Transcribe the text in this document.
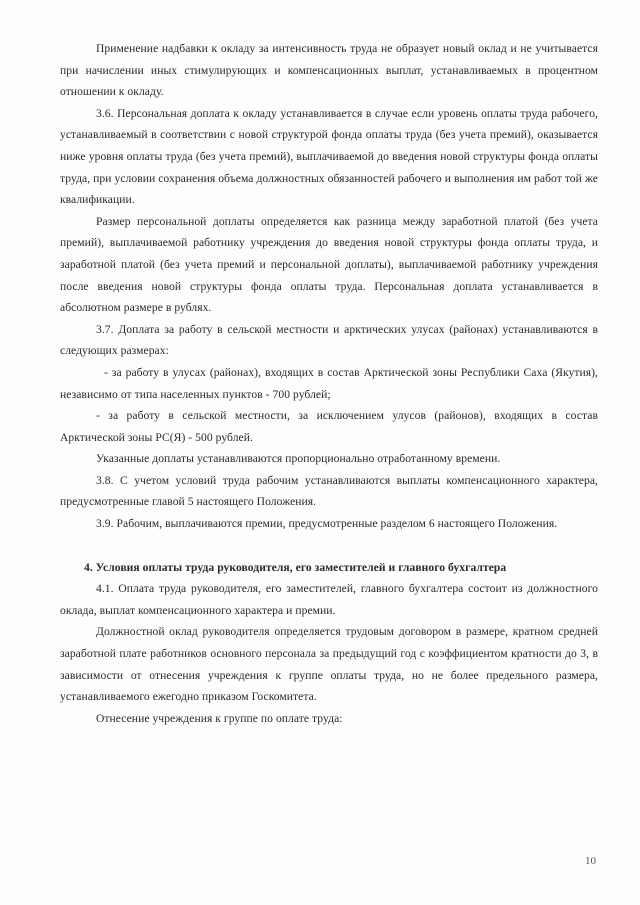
Применение надбавки к окладу за интенсивность труда не образует новый оклад и не учитывается при начислении иных стимулирующих и компенсационных выплат, устанавливаемых в процентном отношении к окладу.

3.6. Персональная доплата к окладу устанавливается в случае если уровень оплаты труда рабочего, устанавливаемый в соответствии с новой структурой фонда оплаты труда (без учета премий), оказывается ниже уровня оплаты труда (без учета премий), выплачиваемой до введения новой структуры фонда оплаты труда, при условии сохранения объема должностных обязанностей рабочего и выполнения им работ той же квалификации.

Размер персональной доплаты определяется как разница между заработной платой (без учета премий), выплачиваемой работнику учреждения до введения новой структуры фонда оплаты труда, и заработной платой (без учета премий и персональной доплаты), выплачиваемой работнику учреждения после введения новой структуры фонда оплаты труда. Персональная доплата устанавливается в абсолютном размере в рублях.

3.7. Доплата за работу в сельской местности и арктических улусах (районах) устанавливаются в следующих размерах:

- за работу в улусах (районах), входящих в состав Арктической зоны Республики Саха (Якутия), независимо от типа населенных пунктов - 700 рублей;

- за работу в сельской местности, за исключением улусов (районов), входящих в состав Арктической зоны РС(Я) - 500 рублей.

Указанные доплаты устанавливаются пропорционально отработанному времени.

3.8. С учетом условий труда рабочим устанавливаются выплаты компенсационного характера, предусмотренные главой 5 настоящего Положения.

3.9. Рабочим, выплачиваются премии, предусмотренные разделом 6 настоящего Положения.

4. Условия оплаты труда руководителя, его заместителей и главного бухгалтера

4.1. Оплата труда руководителя, его заместителей, главного бухгалтера состоит из должностного оклада, выплат компенсационного характера и премии.

Должностной оклад руководителя определяется трудовым договором в размере, кратном средней заработной плате работников основного персонала за предыдущий год с коэффициентом кратности до 3, в зависимости от отнесения учреждения к группе оплаты труда, но не более предельного размера, устанавливаемого ежегодно приказом Госкомитета.

Отнесение учреждения к группе по оплате труда:

10
